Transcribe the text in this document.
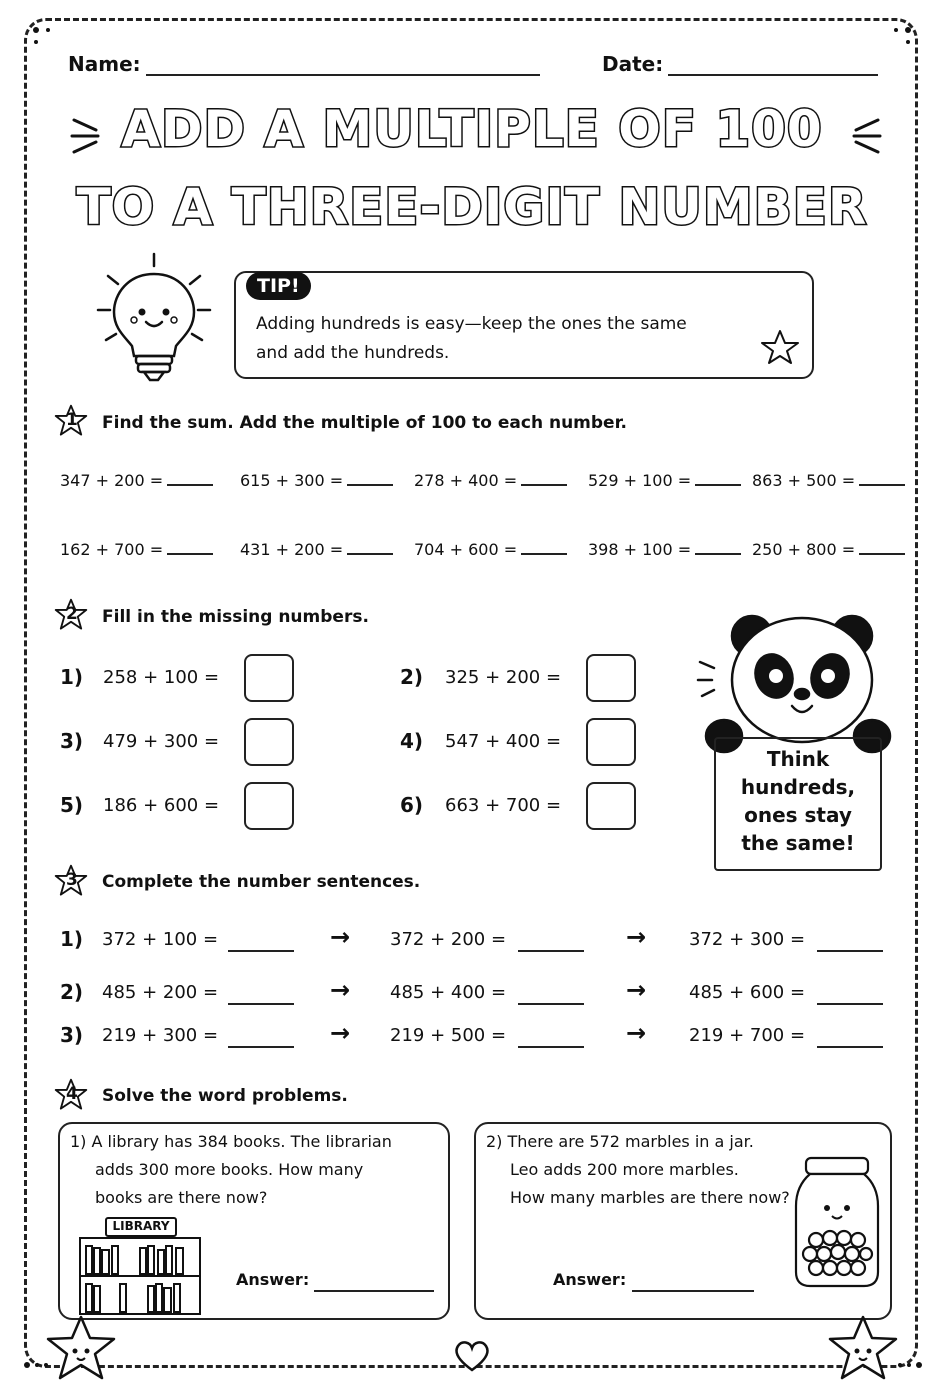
Name:	Date:
ADD A MULTIPLE OF 100
TO A THREE-DIGIT NUMBER
TIP!
Adding hundreds is easy—keep the ones the same
and add the hundreds.
1 Find the sum. Add the multiple of 100 to each number.
347 + 200 =	615 + 300 =	278 + 400 =	529 + 100 =	863 + 500 =
162 + 700 =	431 + 200 =	704 + 600 =	398 + 100 =	250 + 800 =
2 Fill in the missing numbers.
1) 258 + 100 =	2) 325 + 200 =
3) 479 + 300 =	4) 547 + 400 =
5) 186 + 600 =	6) 663 + 700 =
Think
hundreds,
ones stay
the same!
3 Complete the number sentences.
1) 372 + 100 =	→ 372 + 200 =	→ 372 + 300 =
2) 485 + 200 =	→ 485 + 400 =	→ 485 + 600 =
3) 219 + 300 =	→ 219 + 500 =	→ 219 + 700 =
4 Solve the word problems.
1) A library has 384 books. The librarian
adds 300 more books. How many
books are there now?
LIBRARY
Answer:
2) There are 572 marbles in a jar.
Leo adds 200 more marbles.
How many marbles are there now?
Answer:
